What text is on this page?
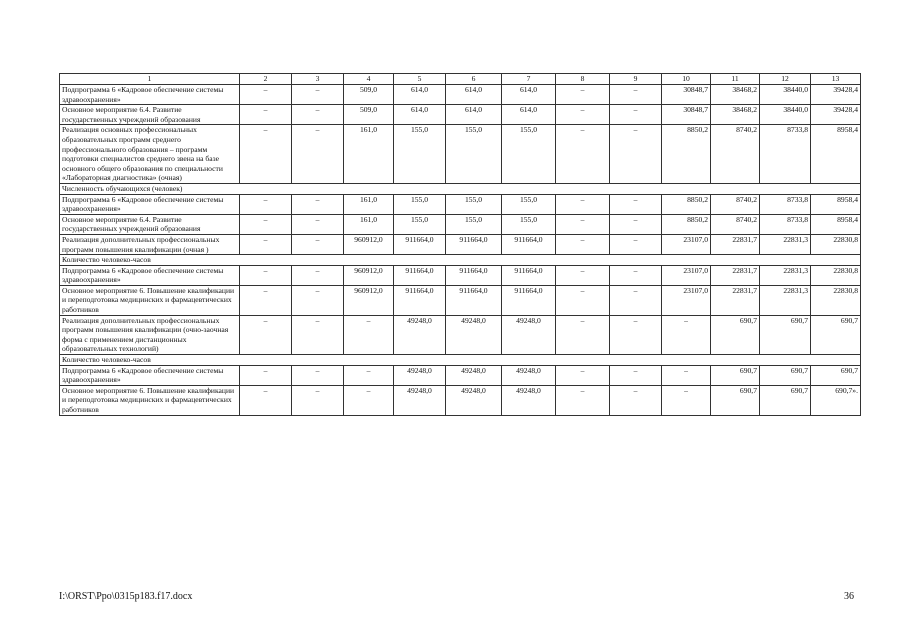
1	2	3	4	5	6	7	8	9	10	11	12	13
Подпрограмма 6 «Кадровое обеспечение системы здравоохранения»	–	–	509,0	614,0	614,0	614,0	–	–	30848,7	38468,2	38440,0	39428,4
Основное мероприятие 6.4. Развитие государственных учреждений образования	–	–	509,0	614,0	614,0	614,0	–	–	30848,7	38468,2	38440,0	39428,4
Реализация основных профессиональных образовательных программ среднего профессионального образования – программ подготовки специалистов среднего звена на базе основного общего образования по специальности «Лабораторная диагностика» (очная)	–	–	161,0	155,0	155,0	155,0	–	–	8850,2	8740,2	8733,8	8958,4
Численность обучающихся (человек)												
Подпрограмма 6 «Кадровое обеспечение системы здравоохранения»	–	–	161,0	155,0	155,0	155,0	–	–	8850,2	8740,2	8733,8	8958,4
Основное мероприятие 6.4. Развитие государственных учреждений образования	–	–	161,0	155,0	155,0	155,0	–	–	8850,2	8740,2	8733,8	8958,4
Реализация дополнительных профессиональных программ повышения квалификации (очная )	–	–	960912,0	911664,0	911664,0	911664,0	–	–	23107,0	22831,7	22831,3	22830,8
Количество человеко-часов												
Подпрограмма 6 «Кадровое обеспечение системы здравоохранения»	–	–	960912,0	911664,0	911664,0	911664,0	–	–	23107,0	22831,7	22831,3	22830,8
Основное мероприятие 6. Повышение квалификации и переподготовка медицинских и фармацевтических работников	–	–	960912,0	911664,0	911664,0	911664,0	–	–	23107,0	22831,7	22831,3	22830,8
Реализация дополнительных профессиональных программ повышения квалификации (очно-заочная форма с применением дистанционных образовательных технологий)	–	–	–	49248,0	49248,0	49248,0	–	–	–	690,7	690,7	690,7
Количество человеко-часов												
Подпрограмма 6 «Кадровое обеспечение системы здравоохранения»	–	–	–	49248,0	49248,0	49248,0	–	–	–	690,7	690,7	690,7
Основное мероприятие 6. Повышение квалификации и переподготовка медицинских и фармацевтических работников	–	–	–	49248,0	49248,0	49248,0	–	–	–	690,7	690,7	690,7».
I:\ORST\Ppo\0315p183.f17.docx	36
